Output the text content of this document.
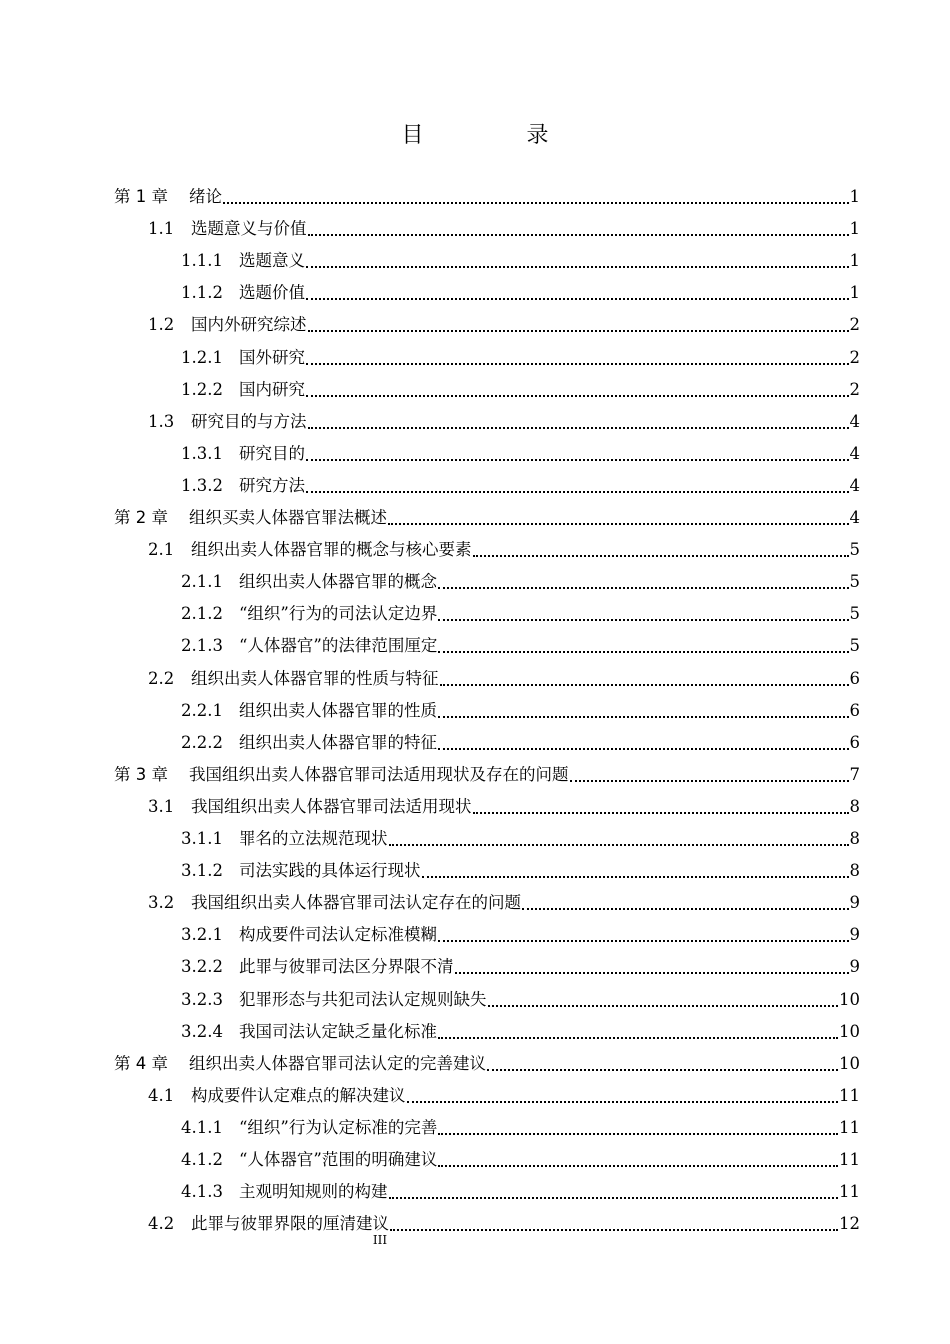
目 录
第 1 章	绪论	1
1.1	选题意义与价值	1
1.1.1 选题意义	1
1.1.2 选题价值	1
1.2	国内外研究综述	2
1.2.1 国外研究	2
1.2.2 国内研究	2
1.3	研究目的与方法	4
1.3.1 研究目的	4
1.3.2 研究方法	4
第 2 章	组织买卖人体器官罪法概述	4
2.1	组织出卖人体器官罪的概念与核心要素	5
2.1.1 组织出卖人体器官罪的概念	5
2.1.2 “组织”行为的司法认定边界	5
2.1.3 “人体器官”的法律范围厘定	5
2.2	组织出卖人体器官罪的性质与特征	6
2.2.1 组织出卖人体器官罪的性质	6
2.2.2 组织出卖人体器官罪的特征	6
第 3 章	我国组织出卖人体器官罪司法适用现状及存在的问题	7
3.1	我国组织出卖人体器官罪司法适用现状	8
3.1.1 罪名的立法规范现状	8
3.1.2 司法实践的具体运行现状	8
3.2	我国组织出卖人体器官罪司法认定存在的问题	9
3.2.1 构成要件司法认定标准模糊	9
3.2.2 此罪与彼罪司法区分界限不清	9
3.2.3 犯罪形态与共犯司法认定规则缺失	10
3.2.4 我国司法认定缺乏量化标准	10
第 4 章	组织出卖人体器官罪司法认定的完善建议	10
4.1	构成要件认定难点的解决建议	11
4.1.1 “组织”行为认定标准的完善	11
4.1.2 “人体器官”范围的明确建议	11
4.1.3 主观明知规则的构建	11
4.2	此罪与彼罪界限的厘清建议	12
III
